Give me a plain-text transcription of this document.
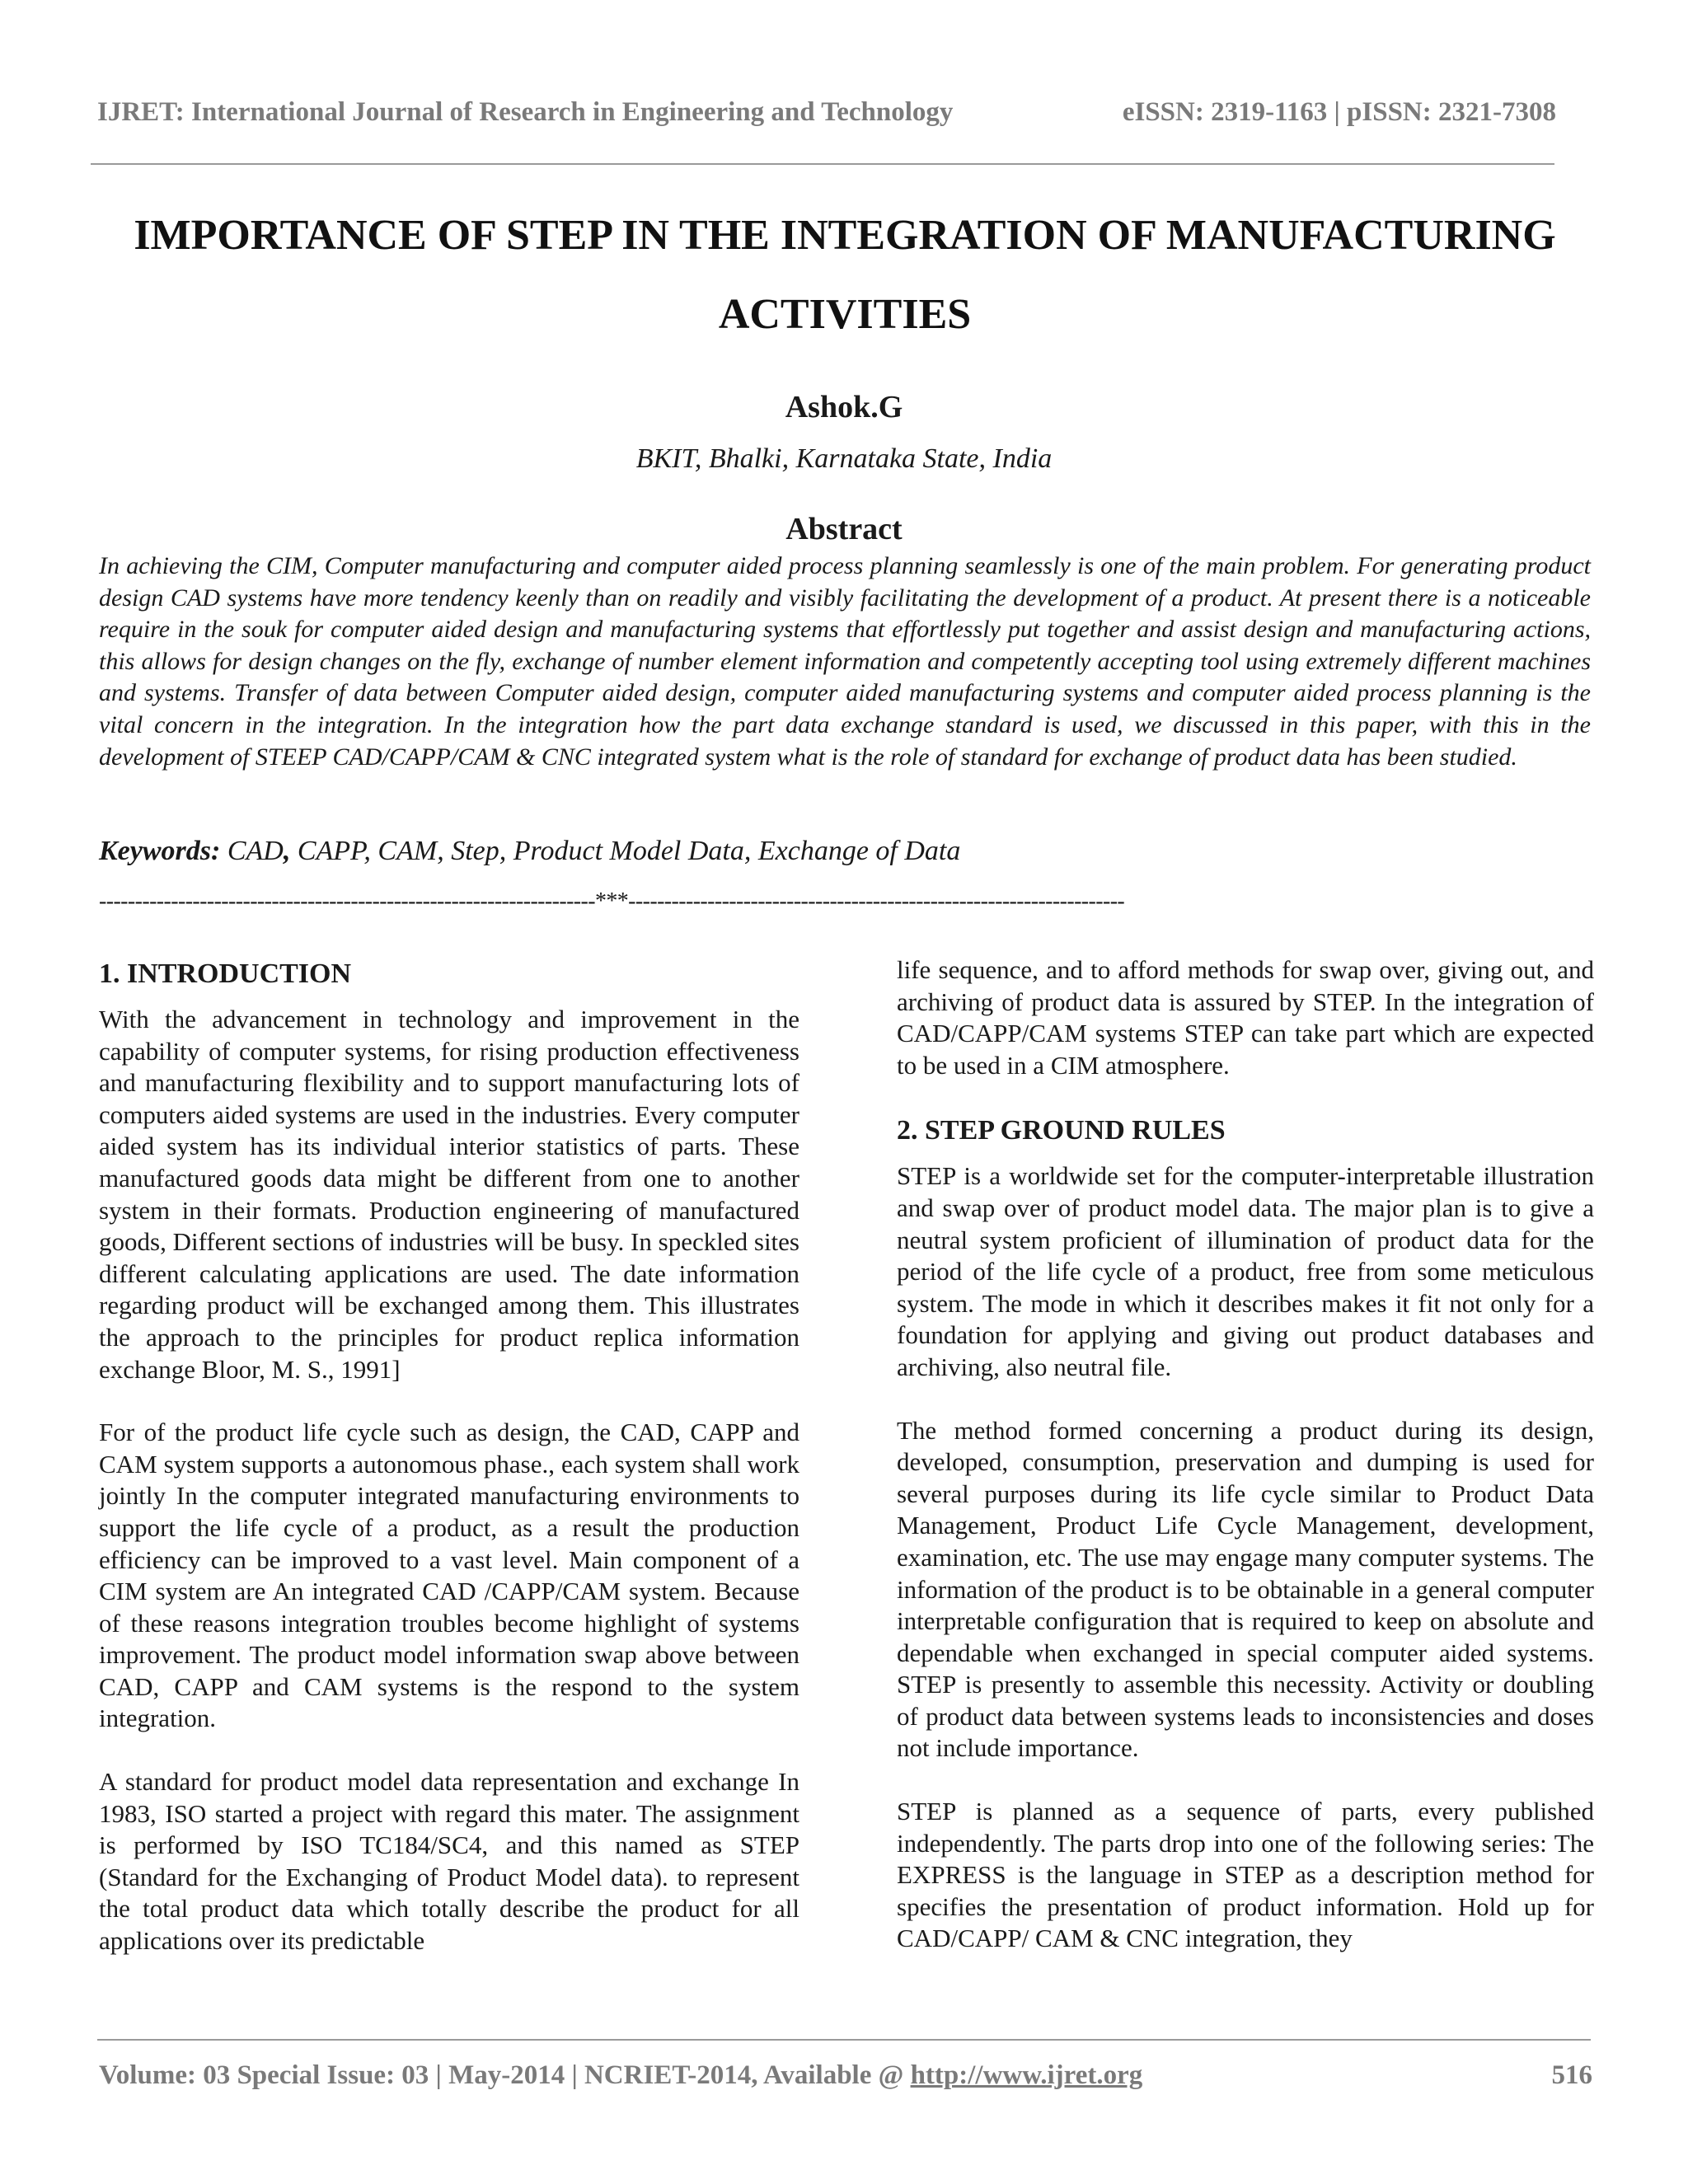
IJRET: International Journal of Research in Engineering and Technology	eISSN: 2319-1163 | pISSN: 2321-7308
IMPORTANCE OF STEP IN THE INTEGRATION OF MANUFACTURING ACTIVITIES
Ashok.G
BKIT, Bhalki, Karnataka State, India
Abstract

In achieving the CIM, Computer manufacturing and computer aided process planning seamlessly is one of the main problem. For generating product design CAD systems have more tendency keenly than on readily and visibly facilitating the development of a product. At present there is a noticeable require in the souk for computer aided design and manufacturing systems that effortlessly put together and assist design and manufacturing actions, this allows for design changes on the fly, exchange of number element information and competently accepting tool using extremely different machines and systems. Transfer of data between Computer aided design, computer aided manufacturing systems and computer aided process planning is the vital concern in the integration. In the integration how the part data exchange standard is used, we discussed in this paper, with this in the development of STEEP CAD/CAPP/CAM & CNC integrated system what is the role of standard for exchange of product data has been studied.

Keywords: CAD, CAPP, CAM, Step, Product Model Data, Exchange of Data
---------------------------------------------------------------------***---------------------------------------------------------------------
1. INTRODUCTION

With the advancement in technology and improvement in the capability of computer systems, for rising production effectiveness and manufacturing flexibility and to support manufacturing lots of computers aided systems are used in the industries. Every computer aided system has its individual interior statistics of parts. These manufactured goods data might be different from one to another system in their formats. Production engineering of manufactured goods, Different sections of industries will be busy. In speckled sites different calculating applications are used. The date information regarding product will be exchanged among them. This illustrates the approach to the principles for product replica information exchange Bloor, M. S., 1991]

For of the product life cycle such as design, the CAD, CAPP and CAM system supports a autonomous phase., each system shall work jointly In the computer integrated manufacturing environments to support the life cycle of a product, as a result the production efficiency can be improved to a vast level. Main component of a CIM system are An integrated CAD /CAPP/CAM system. Because of these reasons integration troubles become highlight of systems improvement. The product model information swap above between CAD, CAPP and CAM systems is the respond to the system integration.

A standard for product model data representation and exchange In 1983, ISO started a project with regard this mater. The assignment is performed by ISO TC184/SC4, and this named as STEP (Standard for the Exchanging of Product Model data). to represent the total product data which totally describe the product for all applications over its predictable

life sequence, and to afford methods for swap over, giving out, and archiving of product data is assured by STEP. In the integration of CAD/CAPP/CAM systems STEP can take part which are expected to be used in a CIM atmosphere.

2. STEP GROUND RULES

STEP is a worldwide set for the computer-interpretable illustration and swap over of product model data. The major plan is to give a neutral system proficient of illumination of product data for the period of the life cycle of a product, free from some meticulous system. The mode in which it describes makes it fit not only for a foundation for applying and giving out product databases and archiving, also neutral file.

The method formed concerning a product during its design, developed, consumption, preservation and dumping is used for several purposes during its life cycle similar to Product Data Management, Product Life Cycle Management, development, examination, etc. The use may engage many computer systems. The information of the product is to be obtainable in a general computer interpretable configuration that is required to keep on absolute and dependable when exchanged in special computer aided systems. STEP is presently to assemble this necessity. Activity or doubling of product data between systems leads to inconsistencies and doses not include importance.

STEP is planned as a sequence of parts, every published independently. The parts drop into one of the following series: The EXPRESS is the language in STEP as a description method for specifies the presentation of product information. Hold up for CAD/CAPP/ CAM & CNC integration, they

Volume: 03 Special Issue: 03 | May-2014 | NCRIET-2014, Available @ http://www.ijret.org	516
